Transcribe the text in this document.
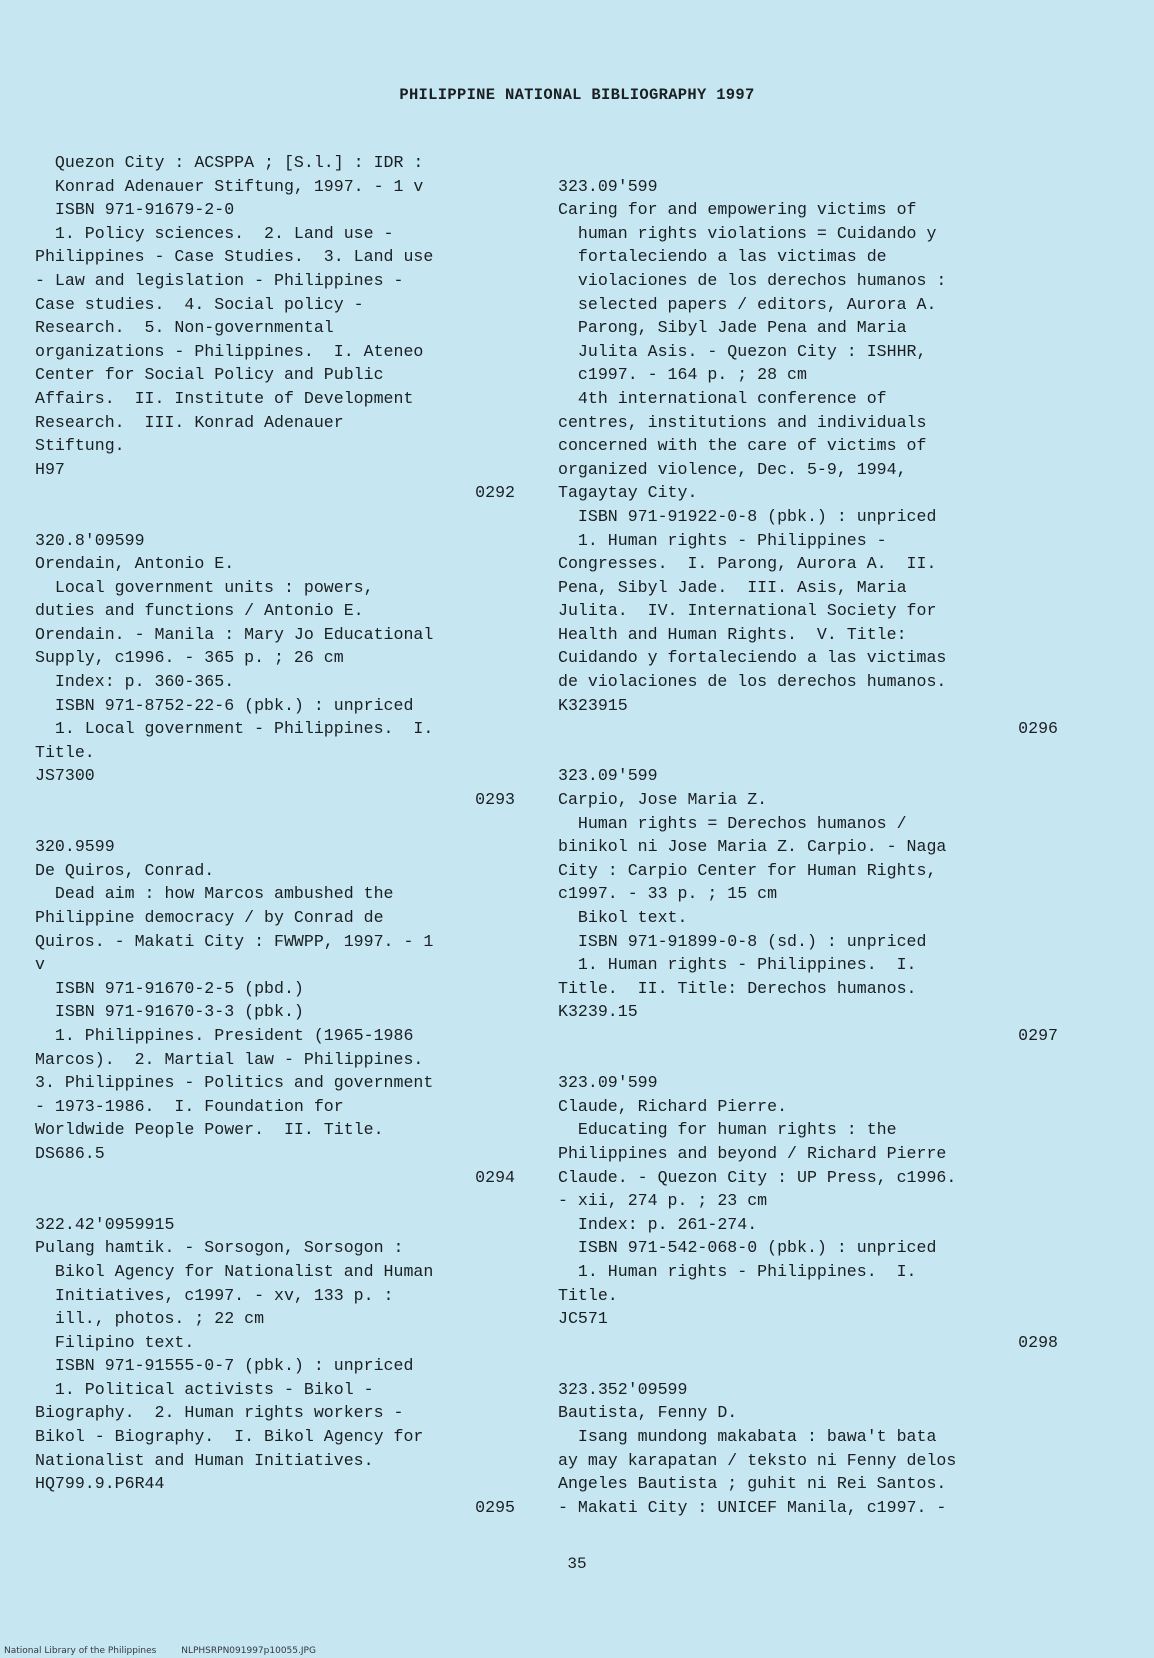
PHILIPPINE NATIONAL BIBLIOGRAPHY 1997
Quezon City : ACSPPA ; [S.l.] : IDR :
Konrad Adenauer Stiftung, 1997. - 1 v
ISBN 971-91679-2-0
1. Policy sciences.  2. Land use -
Philippines - Case Studies.  3. Land use
- Law and legislation - Philippines -
Case studies.  4. Social policy -
Research.  5. Non-governmental
organizations - Philippines.  I. Ateneo
Center for Social Policy and Public
Affairs.  II. Institute of Development
Research.  III. Konrad Adenauer
Stiftung.
H97
0292
320.8'09599
Orendain, Antonio E.
Local government units : powers,
duties and functions / Antonio E.
Orendain. - Manila : Mary Jo Educational
Supply, c1996. - 365 p. ; 26 cm
Index: p. 360-365.
ISBN 971-8752-22-6 (pbk.) : unpriced
1. Local government - Philippines.  I.
Title.
JS7300
0293
320.9599
De Quiros, Conrad.
Dead aim : how Marcos ambushed the
Philippine democracy / by Conrad de
Quiros. - Makati City : FWWPP, 1997. - 1
v
ISBN 971-91670-2-5 (pbd.)
ISBN 971-91670-3-3 (pbk.)
1. Philippines. President (1965-1986
Marcos).  2. Martial law - Philippines.
3. Philippines - Politics and government
- 1973-1986.  I. Foundation for
Worldwide People Power.  II. Title.
DS686.5
0294
322.42'0959915
Pulang hamtik. - Sorsogon, Sorsogon :
Bikol Agency for Nationalist and Human
Initiatives, c1997. - xv, 133 p. :
ill., photos. ; 22 cm
Filipino text.
ISBN 971-91555-0-7 (pbk.) : unpriced
1. Political activists - Bikol -
Biography.  2. Human rights workers -
Bikol - Biography.  I. Bikol Agency for
Nationalist and Human Initiatives.
HQ799.9.P6R44
0295
323.09'599
Caring for and empowering victims of
human rights violations = Cuidando y
fortaleciendo a las victimas de
violaciones de los derechos humanos :
selected papers / editors, Aurora A.
Parong, Sibyl Jade Pena and Maria
Julita Asis. - Quezon City : ISHHR,
c1997. - 164 p. ; 28 cm
4th international conference of
centres, institutions and individuals
concerned with the care of victims of
organized violence, Dec. 5-9, 1994,
Tagaytay City.
ISBN 971-91922-0-8 (pbk.) : unpriced
1. Human rights - Philippines -
Congresses.  I. Parong, Aurora A.  II.
Pena, Sibyl Jade.  III. Asis, Maria
Julita.  IV. International Society for
Health and Human Rights.  V. Title:
Cuidando y fortaleciendo a las victimas
de violaciones de los derechos humanos.
K323915
0296
323.09'599
Carpio, Jose Maria Z.
Human rights = Derechos humanos /
binikol ni Jose Maria Z. Carpio. - Naga
City : Carpio Center for Human Rights,
c1997. - 33 p. ; 15 cm
Bikol text.
ISBN 971-91899-0-8 (sd.) : unpriced
1. Human rights - Philippines.  I.
Title.  II. Title: Derechos humanos.
K3239.15
0297
323.09'599
Claude, Richard Pierre.
Educating for human rights : the
Philippines and beyond / Richard Pierre
Claude. - Quezon City : UP Press, c1996.
- xii, 274 p. ; 23 cm
Index: p. 261-274.
ISBN 971-542-068-0 (pbk.) : unpriced
1. Human rights - Philippines.  I.
Title.
JC571
0298
323.352'09599
Bautista, Fenny D.
Isang mundong makabata : bawa't bata
ay may karapatan / teksto ni Fenny delos
Angeles Bautista ; guhit ni Rei Santos.
- Makati City : UNICEF Manila, c1997. -
35
National Library of the Philippines	NLPHSRPN091997p10055.JPG
